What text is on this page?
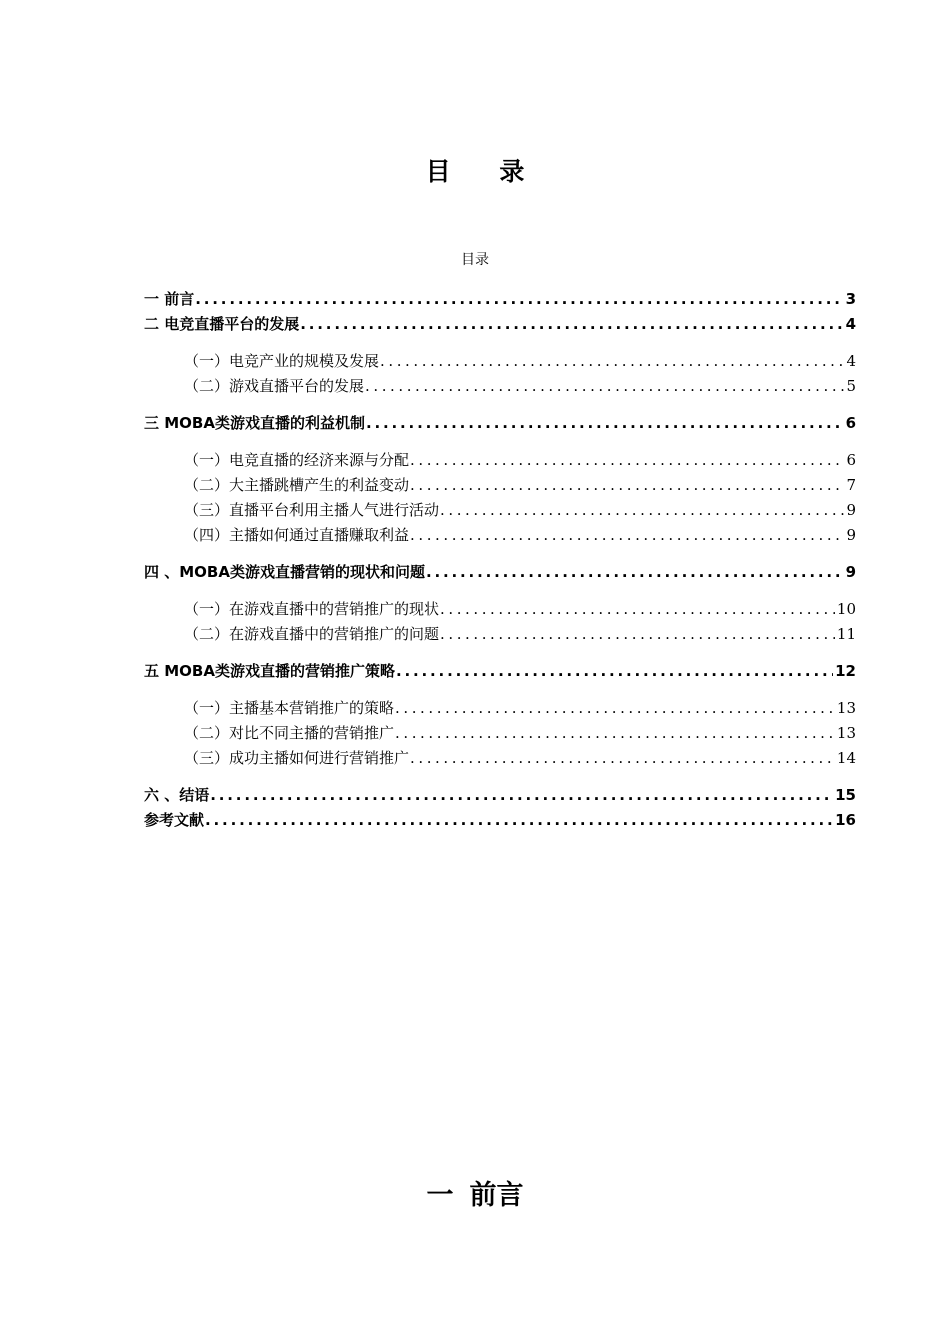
目 录
目录
一 前言 . . .	3
二 电竞直播平台的发展 . . .	4
（一）电竞产业的规模及发展 . . .	4
（二）游戏直播平台的发展 . . .	5
三 MOBA类游戏直播的利益机制 . . .	6
（一）电竞直播的经济来源与分配 . . .	6
（二）大主播跳槽产生的利益变动 . . .	7
（三）直播平台利用主播人气进行活动 . . .	9
（四）主播如何通过直播赚取利益 . . .	9
四 、MOBA类游戏直播营销的现状和问题 . . .	9
（一）在游戏直播中的营销推广的现状 . . .	10
（二）在游戏直播中的营销推广的问题 . . .	11
五 MOBA类游戏直播的营销推广策略 . . .	12
（一）主播基本营销推广的策略 . . .	13
（二）对比不同主播的营销推广 . . .	13
（三）成功主播如何进行营销推广 . . .	14
六 、结语 . . .	15
参考文献 . . .	16
一 前言
